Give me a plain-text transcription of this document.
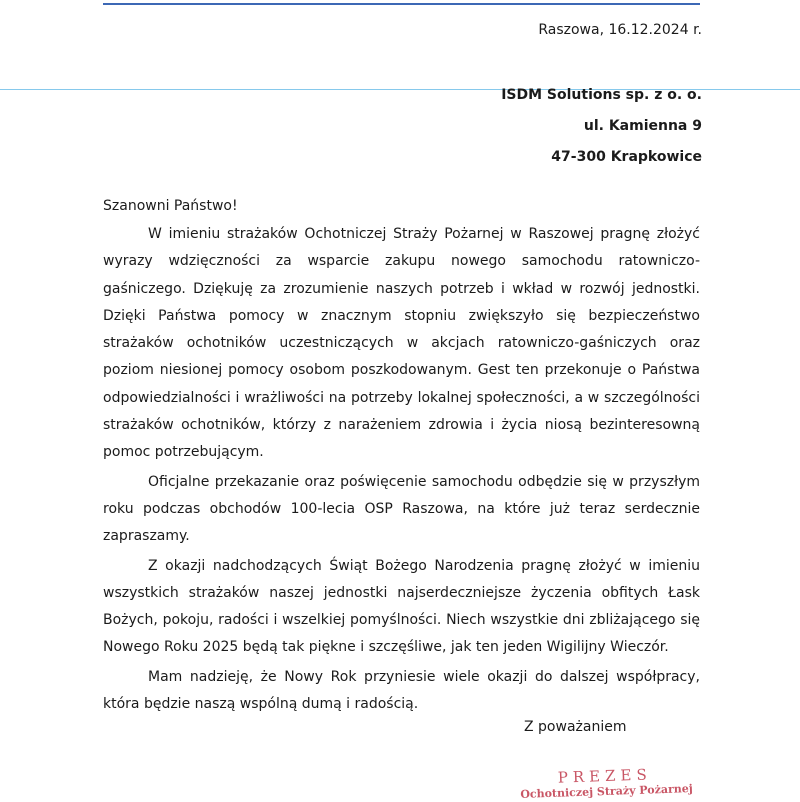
Raszowa, 16.12.2024 r.
ISDM Solutions sp. z o. o.
ul. Kamienna 9
47-300 Krapkowice
Szanowni Państwo!

W imieniu strażaków Ochotniczej Straży Pożarnej w Raszowej pragnę złożyć wyrazy wdzięczności za wsparcie zakupu nowego samochodu ratowniczo-gaśniczego. Dziękuję za zrozumienie naszych potrzeb i wkład w rozwój jednostki. Dzięki Państwa pomocy w znacznym stopniu zwiększyło się bezpieczeństwo strażaków ochotników uczestniczących w akcjach ratowniczo-gaśniczych oraz poziom niesionej pomocy osobom poszkodowanym. Gest ten przekonuje o Państwa odpowiedzialności i wrażliwości na potrzeby lokalnej społeczności, a w szczególności strażaków ochotników, którzy z narażeniem zdrowia i życia niosą bezinteresowną pomoc potrzebującym.

Oficjalne przekazanie oraz poświęcenie samochodu odbędzie się w przyszłym roku podczas obchodów 100-lecia OSP Raszowa, na które już teraz serdecznie zapraszamy.

Z okazji nadchodzących Świąt Bożego Narodzenia pragnę złożyć w imieniu wszystkich strażaków naszej jednostki najserdeczniejsze życzenia obfitych Łask Bożych, pokoju, radości i wszelkiej pomyślności. Niech wszystkie dni zbliżającego się Nowego Roku 2025 będą tak piękne i szczęśliwe, jak ten jeden Wigilijny Wieczór.

Mam nadzieję, że Nowy Rok przyniesie wiele okazji do dalszej współpracy, która będzie naszą wspólną dumą i radością.

Z poważaniem
PREZES
Ochotniczej Straży Pożarnej
